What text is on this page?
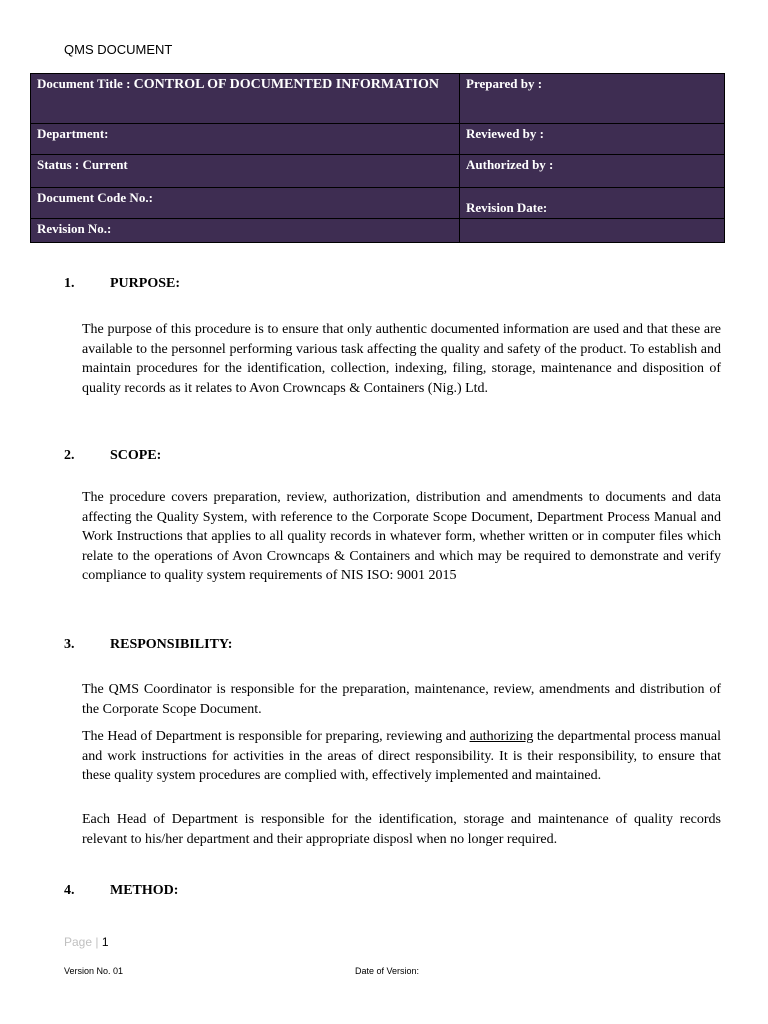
QMS DOCUMENT
Document Title : CONTROL OF DOCUMENTED INFORMATION	Prepared by :
Department:	Reviewed by :
Status : Current	Authorized by :
Document Code No.:	Revision Date:
Revision No.:	
1.	PURPOSE:

The purpose of this procedure is to ensure that only authentic documented information are used and that these are available to the personnel performing various task affecting the quality and safety of the product. To establish and maintain procedures for the identification, collection, indexing, filing, storage, maintenance and disposition of quality records as it relates to Avon Crowncaps & Containers (Nig.) Ltd.

2.	SCOPE:

The procedure covers preparation, review, authorization, distribution and amendments to documents and data affecting the Quality System, with reference to the Corporate Scope Document, Department Process Manual and Work Instructions that applies to all quality records in whatever form, whether written or in computer files which relate to the operations of Avon Crowncaps & Containers and which may be required to demonstrate and verify compliance to quality system requirements of NIS ISO: 9001 2015

3.	RESPONSIBILITY:

The QMS Coordinator is responsible for the preparation, maintenance, review, amendments and distribution of the Corporate Scope Document.

The Head of Department is responsible for preparing, reviewing and authorizing the departmental process manual and work instructions for activities in the areas of direct responsibility. It is their responsibility, to ensure that these quality system procedures are complied with, effectively implemented and maintained.

Each Head of Department is responsible for the identification, storage and maintenance of quality records relevant to his/her department and their appropriate disposl when no longer required.

4.	METHOD:
Page | 1
Version No. 01	Date of Version:
